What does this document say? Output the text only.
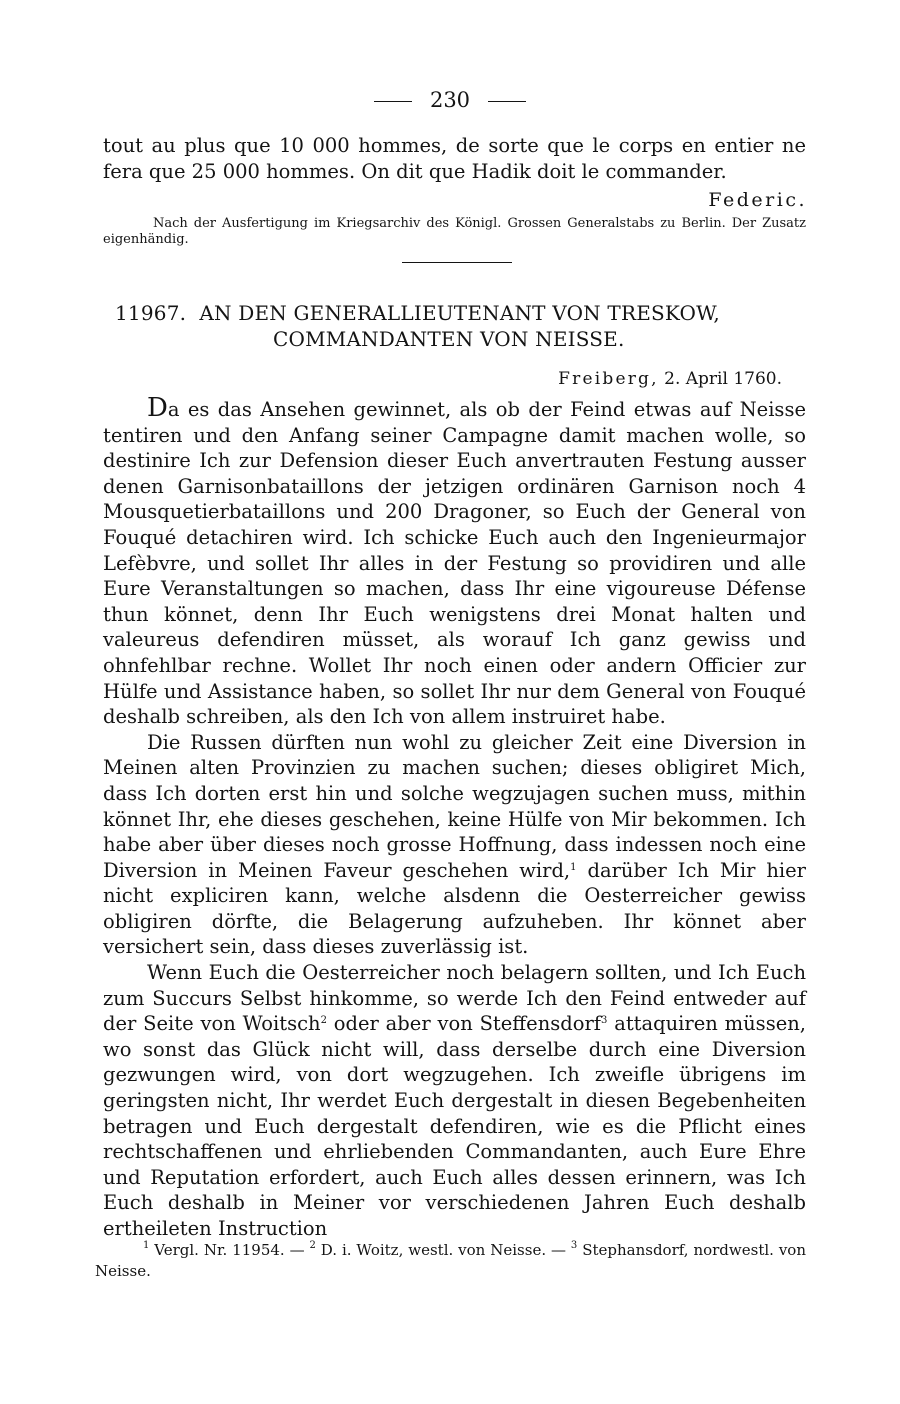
230

tout au plus que 10 000 hommes, de sorte que le corps en entier ne fera que 25 000 hommes. On dit que Hadik doit le commander.

Federic.
Nach der Ausfertigung im Kriegsarchiv des Königl. Grossen Generalstabs zu Berlin. Der Zusatz eigenhändig.
11967. AN DEN GENERALLIEUTENANT VON TRESKOW,
COMMANDANTEN VON NEISSE.
Freiberg, 2. April 1760.

Da es das Ansehen gewinnet, als ob der Feind etwas auf Neisse tentiren und den Anfang seiner Campagne damit machen wolle, so destinire Ich zur Defension dieser Euch anvertrauten Festung ausser denen Garnisonbataillons der jetzigen ordinären Garnison noch 4 Mousquetierbataillons und 200 Dragoner, so Euch der General von Fouqué detachiren wird. Ich schicke Euch auch den Ingenieurmajor Lefèbvre, und sollet Ihr alles in der Festung so providiren und alle Eure Veranstaltungen so machen, dass Ihr eine vigoureuse Défense thun könnet, denn Ihr Euch wenigstens drei Monat halten und valeureus defendiren müsset, als worauf Ich ganz gewiss und ohnfehlbar rechne. Wollet Ihr noch einen oder andern Officier zur Hülfe und Assistance haben, so sollet Ihr nur dem General von Fouqué deshalb schreiben, als den Ich von allem instruiret habe.

Die Russen dürften nun wohl zu gleicher Zeit eine Diversion in Meinen alten Provinzien zu machen suchen; dieses obligiret Mich, dass Ich dorten erst hin und solche wegzujagen suchen muss, mithin könnet Ihr, ehe dieses geschehen, keine Hülfe von Mir bekommen. Ich habe aber über dieses noch grosse Hoffnung, dass indessen noch eine Diversion in Meinen Faveur geschehen wird,$^1$ darüber Ich Mir hier nicht expliciren kann, welche alsdenn die Oesterreicher gewiss obligiren dörfte, die Belagerung aufzuheben. Ihr könnet aber versichert sein, dass dieses zuverlässig ist.

Wenn Euch die Oesterreicher noch belagern sollten, und Ich Euch zum Succurs Selbst hinkomme, so werde Ich den Feind entweder auf der Seite von Woitsch$^2$ oder aber von Steffensdorf$^3$ attaquiren müssen, wo sonst das Glück nicht will, dass derselbe durch eine Diversion gezwungen wird, von dort wegzugehen. Ich zweifle übrigens im geringsten nicht, Ihr werdet Euch dergestalt in diesen Begebenheiten betragen und Euch dergestalt defendiren, wie es die Pflicht eines rechtschaffenen und ehrliebenden Commandanten, auch Eure Ehre und Reputation erfordert, auch Euch alles dessen erinnern, was Ich Euch deshalb in Meiner vor verschiedenen Jahren Euch deshalb ertheileten Instruction

$^1$ Vergl. Nr. 11954. — $^2$ D. i. Woitz, westl. von Neisse. — $^3$ Stephansdorf, nordwestl. von Neisse.
